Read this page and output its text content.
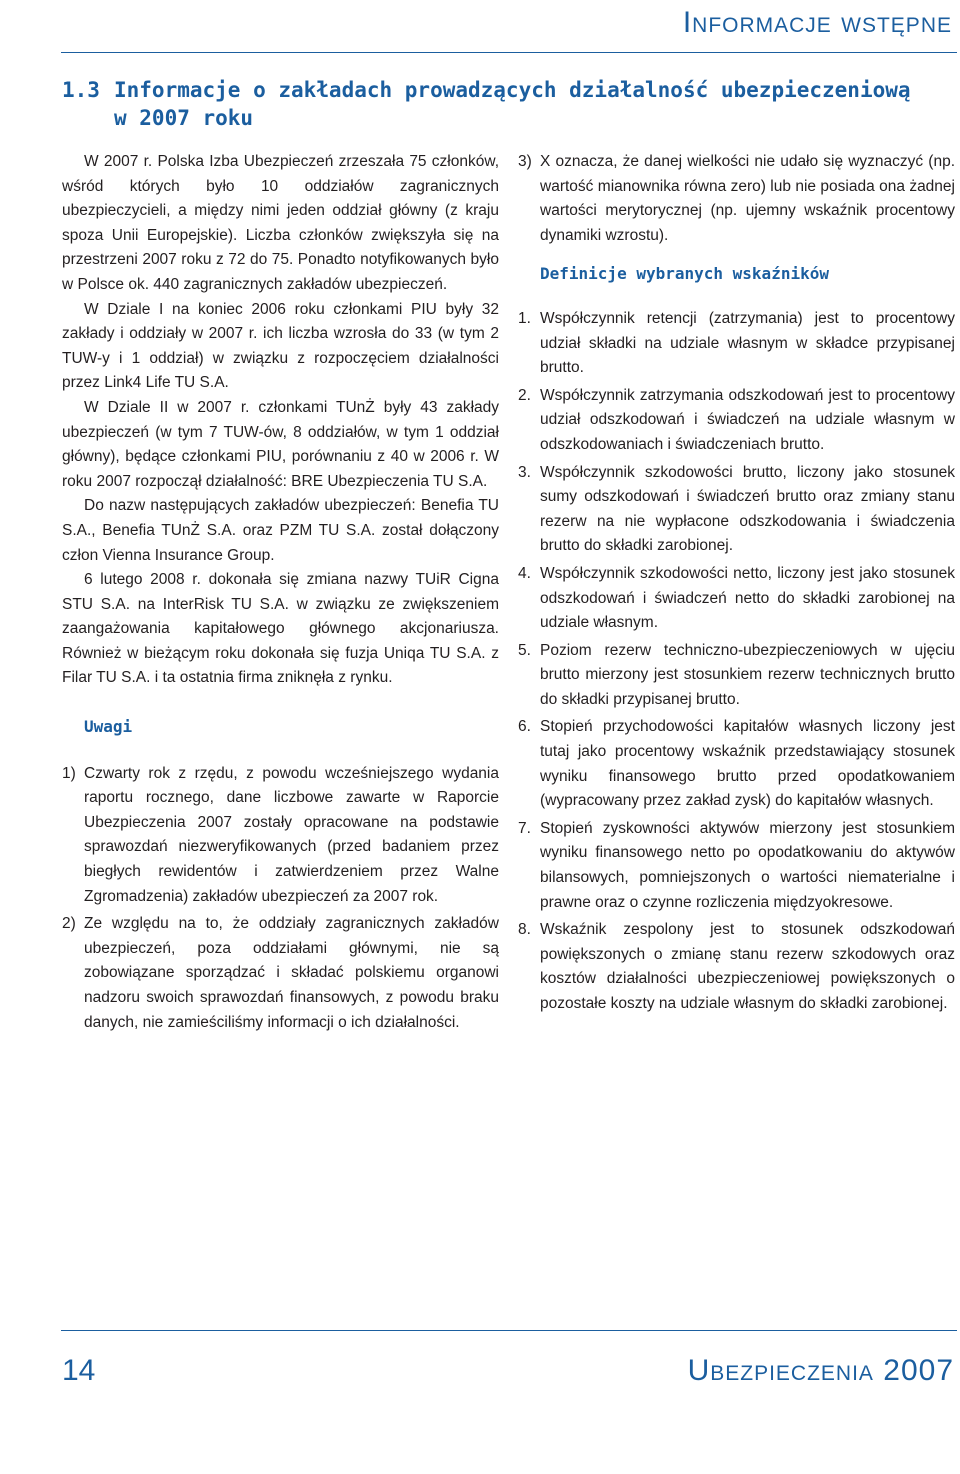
Informacje wstępne
1.3 Informacje o zakładach prowadzących działalność ubezpieczeniową
w 2007 roku

W 2007 r. Polska Izba Ubezpieczeń zrzeszała 75 członków, wśród których było 10 oddziałów zagranicznych ubezpieczycieli, a między nimi jeden oddział główny (z kraju spoza Unii Europejskie). Liczba członków zwiększyła się na przestrzeni 2007 roku z 72 do 75. Ponadto notyfikowanych było w Polsce ok. 440 zagranicznych zakładów ubezpieczeń.

W Dziale I na koniec 2006 roku członkami PIU były 32 zakłady i oddziały w 2007 r. ich liczba wzrosła do 33 (w tym 2 TUW-y i 1 oddział) w związku z rozpoczęciem działalności przez Link4 Life TU S.A.

W Dziale II w 2007 r. członkami TUnŻ były 43 zakłady ubezpieczeń (w tym 7 TUW-ów, 8 oddziałów, w tym 1 oddział główny), będące członkami PIU, porównaniu z 40 w 2006 r. W roku 2007 rozpoczął działalność: BRE Ubezpieczenia TU S.A.

Do nazw następujących zakładów ubezpieczeń: Benefia TU S.A., Benefia TUnŻ S.A. oraz PZM TU S.A. został dołączony człon Vienna Insurance Group.

6 lutego 2008 r. dokonała się zmiana nazwy TUiR Cigna STU S.A. na InterRisk TU S.A. w związku ze zwiększeniem zaangażowania kapitałowego głównego akcjonariusza. Również w bieżącym roku dokonała się fuzja Uniqa TU S.A. z Filar TU S.A. i ta ostatnia firma zniknęła z rynku.

Uwagi
1) Czwarty rok z rzędu, z powodu wcześniejszego wydania raportu rocznego, dane liczbowe zawarte w Raporcie Ubezpieczenia 2007 zostały opracowane na podstawie sprawozdań niezweryfikowanych (przed badaniem przez biegłych rewidentów i zatwierdzeniem przez Walne Zgromadzenia) zakładów ubezpieczeń za 2007 rok.
2) Ze względu na to, że oddziały zagranicznych zakładów ubezpieczeń, poza oddziałami głównymi, nie są zobowiązane sporządzać i składać polskiemu organowi nadzoru swoich sprawozdań finansowych, z powodu braku danych, nie zamieściliśmy informacji o ich działalności.
3) X oznacza, że danej wielkości nie udało się wyznaczyć (np. wartość mianownika równa zero) lub nie posiada ona żadnej wartości merytorycznej (np. ujemny wskaźnik procentowy dynamiki wzrostu).
Definicje wybranych wskaźników
1. Współczynnik retencji (zatrzymania) jest to procentowy udział składki na udziale własnym w składce przypisanej brutto.
2. Współczynnik zatrzymania odszkodowań jest to procentowy udział odszkodowań i świadczeń na udziale własnym w odszkodowaniach i świadczeniach brutto.
3. Współczynnik szkodowości brutto, liczony jako stosunek sumy odszkodowań i świadczeń brutto oraz zmiany stanu rezerw na nie wypłacone odszkodowania i świadczenia brutto do składki zarobionej.
4. Współczynnik szkodowości netto, liczony jest jako stosunek odszkodowań i świadczeń netto do składki zarobionej na udziale własnym.
5. Poziom rezerw techniczno-ubezpieczeniowych w ujęciu brutto mierzony jest stosunkiem rezerw technicznych brutto do składki przypisanej brutto.
6. Stopień przychodowości kapitałów własnych liczony jest tutaj jako procentowy wskaźnik przedstawiający stosunek wyniku finansowego brutto przed opodatkowaniem (wypracowany przez zakład zysk) do kapitałów własnych.
7. Stopień zyskowności aktywów mierzony jest stosunkiem wyniku finansowego netto po opodatkowaniu do aktywów bilansowych, pomniejszonych o wartości niematerialne i prawne oraz o czynne rozliczenia międzyokresowe.
8. Wskaźnik zespolony jest to stosunek odszkodowań powiększonych o zmianę stanu rezerw szkodowych oraz kosztów działalności ubezpieczeniowej powiększonych o pozostałe koszty na udziale własnym do składki zarobionej.
14	Ubezpieczenia 2007
